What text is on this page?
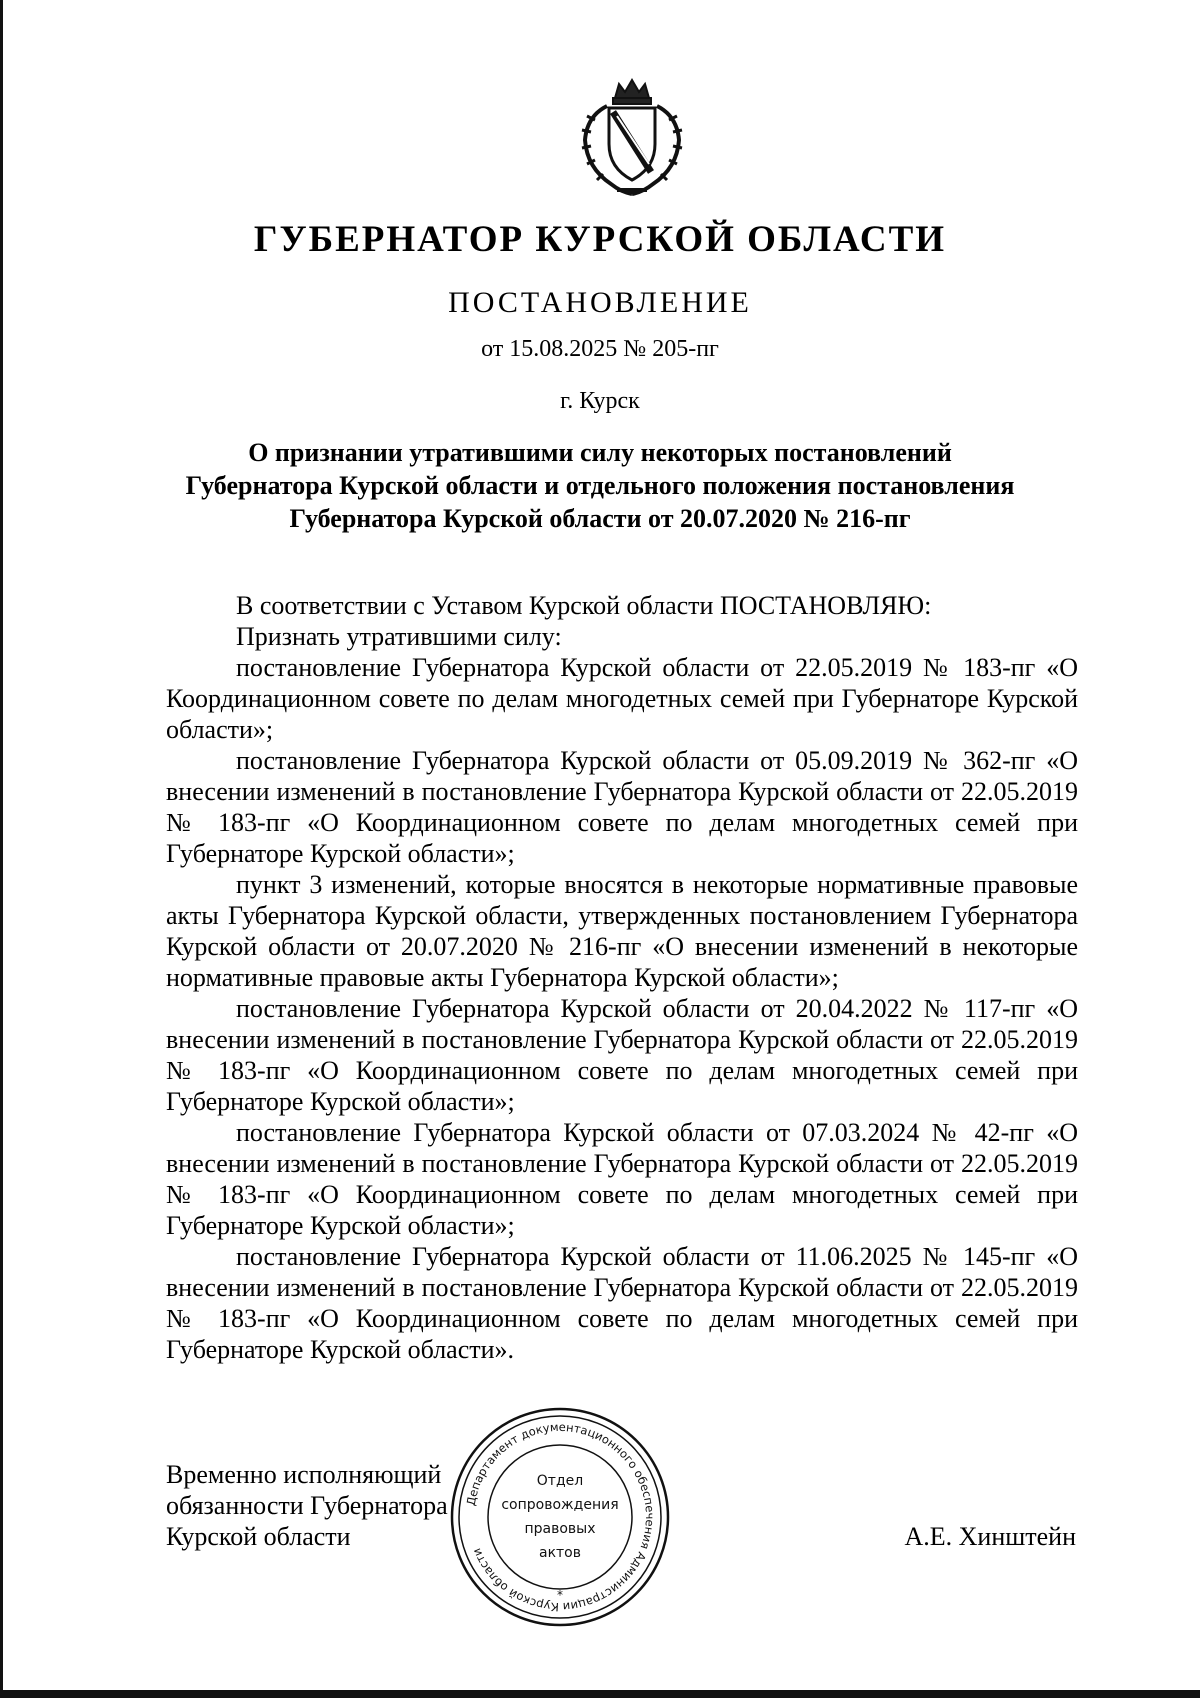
ГУБЕРНАТОР КУРСКОЙ ОБЛАСТИ
ПОСТАНОВЛЕНИЕ
от 15.08.2025 № 205-пг
г. Курск
О признании утратившими силу некоторых постановлений
Губернатора Курской области и отдельного положения постановления
Губернатора Курской области от 20.07.2020 № 216-пг

В соответствии с Уставом Курской области ПОСТАНОВЛЯЮ:

Признать утратившими силу:

постановление Губернатора Курской области от 22.05.2019 № 183-пг «О Координационном совете по делам многодетных семей при Губернаторе Курской области»;

постановление Губернатора Курской области от 05.09.2019 № 362-пг «О внесении изменений в постановление Губернатора Курской области от 22.05.2019 № 183-пг «О Координационном совете по делам многодетных семей при Губернаторе Курской области»;

пункт 3 изменений, которые вносятся в некоторые нормативные правовые акты Губернатора Курской области, утвержденных постановлением Губернатора Курской области от 20.07.2020 № 216-пг «О внесении изменений в некоторые нормативные правовые акты Губернатора Курской области»;

постановление Губернатора Курской области от 20.04.2022 № 117-пг «О внесении изменений в постановление Губернатора Курской области от 22.05.2019 № 183-пг «О Координационном совете по делам многодетных семей при Губернаторе Курской области»;

постановление Губернатора Курской области от 07.03.2024 № 42-пг «О внесении изменений в постановление Губернатора Курской области от 22.05.2019 № 183-пг «О Координационном совете по делам многодетных семей при Губернаторе Курской области»;

постановление Губернатора Курской области от 11.06.2025 № 145-пг «О внесении изменений в постановление Губернатора Курской области от 22.05.2019 № 183-пг «О Координационном совете по делам многодетных семей при Губернаторе Курской области».

Временно исполняющий
обязанности Губернатора
Курской области	А.Е. Хинштейн
Департамент документационного обеспечения Администрации Курской области
Отдел
сопровождения
правовых
актов
*
